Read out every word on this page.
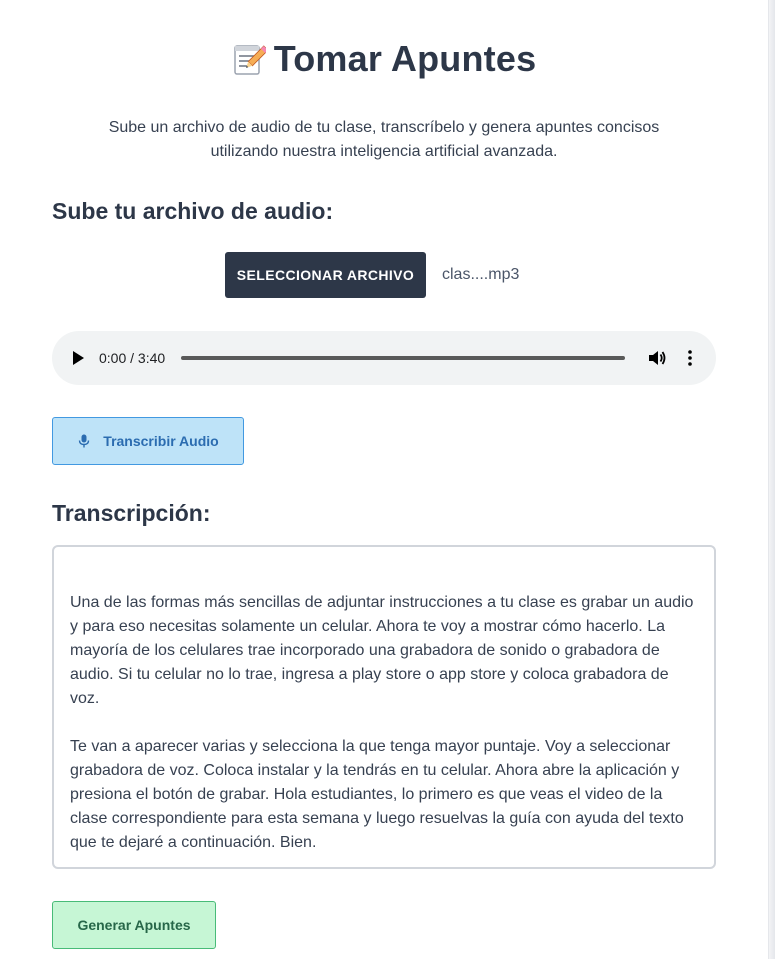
Tomar Apuntes
Sube un archivo de audio de tu clase, transcríbelo y genera apuntes concisos utilizando nuestra inteligencia artificial avanzada.
Sube tu archivo de audio:
SELECCIONAR ARCHIVO	clas....mp3
0:00 / 3:40
Transcribir Audio
Transcripción:

Una de las formas más sencillas de adjuntar instrucciones a tu clase es grabar un audio y para eso necesitas solamente un celular. Ahora te voy a mostrar cómo hacerlo. La mayoría de los celulares trae incorporado una grabadora de sonido o grabadora de audio. Si tu celular no lo trae, ingresa a play store o app store y coloca grabadora de voz.

Te van a aparecer varias y selecciona la que tenga mayor puntaje. Voy a seleccionar grabadora de voz. Coloca instalar y la tendrás en tu celular. Ahora abre la aplicación y presiona el botón de grabar. Hola estudiantes, lo primero es que veas el video de la clase correspondiente para esta semana y luego resuelvas la guía con ayuda del texto que te dejaré a continuación. Bien.

Generar Apuntes
